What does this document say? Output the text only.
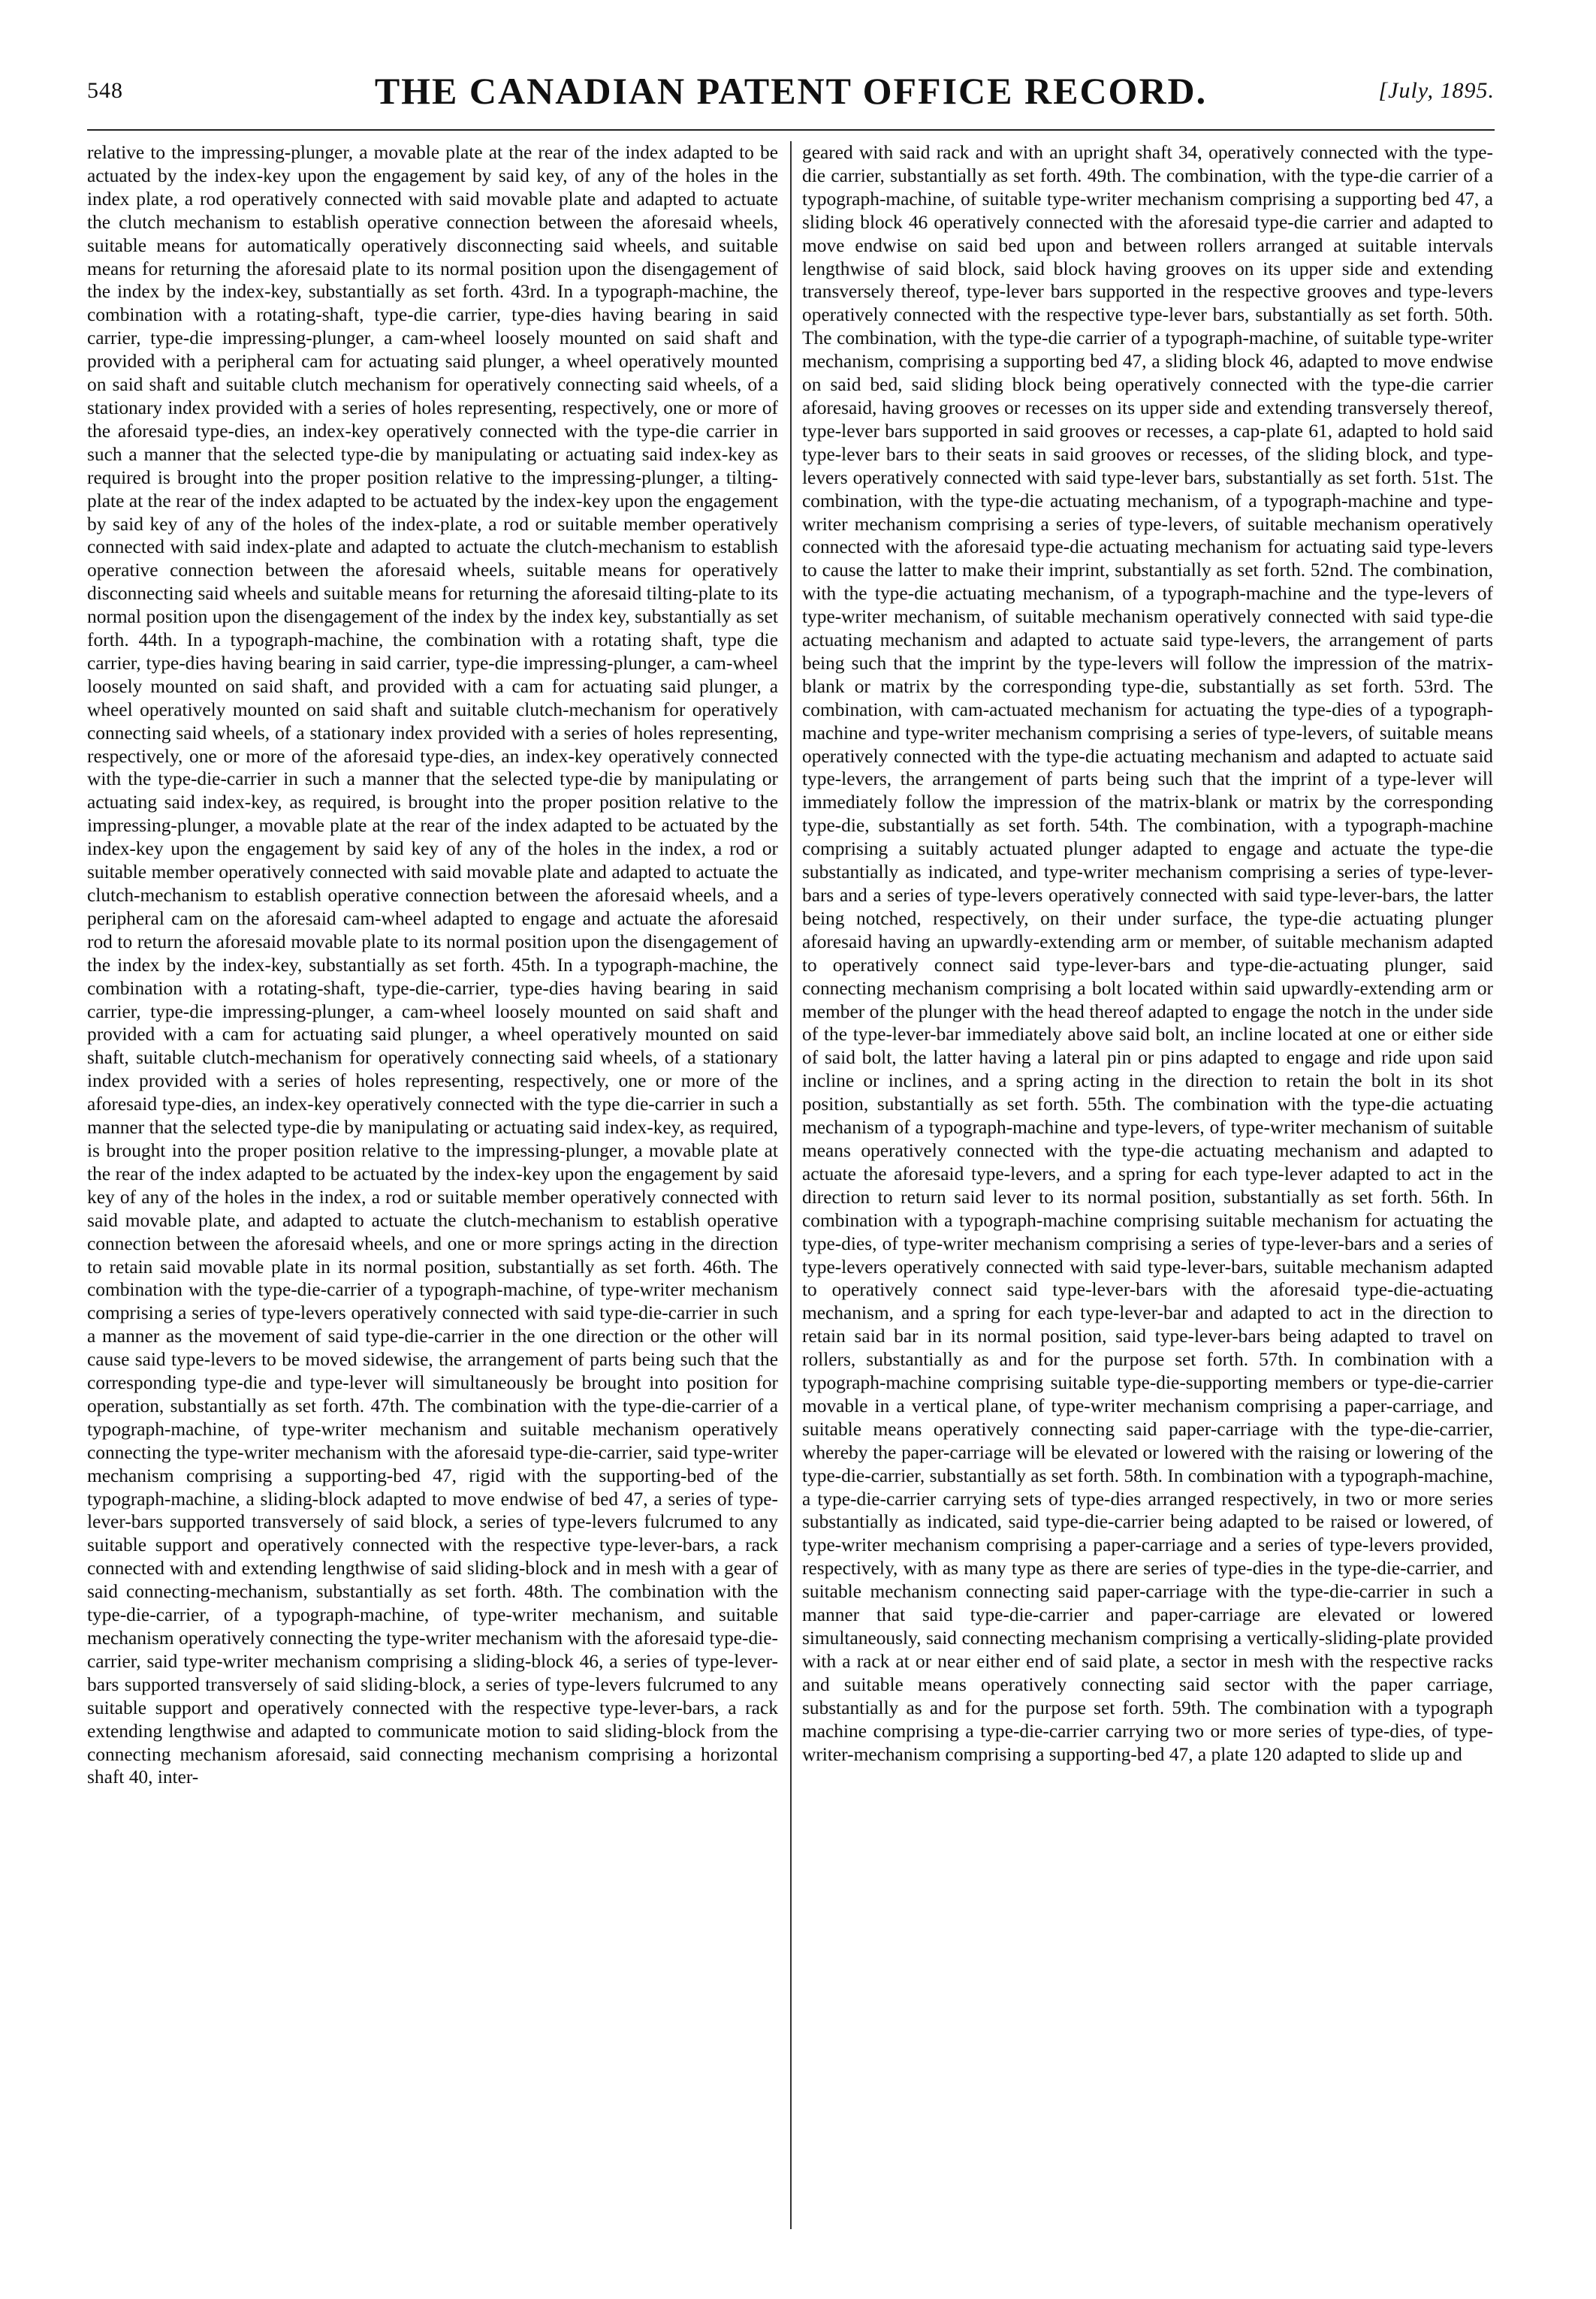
548	THE CANADIAN PATENT OFFICE RECORD.	[July, 1895.

relative to the impressing-plunger, a movable plate at the rear of the index adapted to be actuated by the index-key upon the engagement by said key, of any of the holes in the index plate, a rod operatively connected with said movable plate and adapted to actuate the clutch mechanism to establish operative connection between the aforesaid wheels, suitable means for automatically operatively disconnecting said wheels, and suitable means for returning the aforesaid plate to its normal position upon the disengagement of the index by the index-key, substantially as set forth. 43rd. In a typograph-machine, the combination with a rotating-shaft, type-die carrier, type-dies having bearing in said carrier, type-die impressing-plunger, a cam-wheel loosely mounted on said shaft and provided with a peripheral cam for actuating said plunger, a wheel operatively mounted on said shaft and suitable clutch mechanism for operatively connecting said wheels, of a stationary index provided with a series of holes representing, respectively, one or more of the aforesaid type-dies, an index-key operatively connected with the type-die carrier in such a manner that the selected type-die by manipulating or actuating said index-key as required is brought into the proper position relative to the impressing-plunger, a tilting-plate at the rear of the index adapted to be actuated by the index-key upon the engagement by said key of any of the holes of the index-plate, a rod or suitable member operatively connected with said index-plate and adapted to actuate the clutch-mechanism to establish operative connection between the aforesaid wheels, suitable means for operatively disconnecting said wheels and suitable means for returning the aforesaid tilting-plate to its normal position upon the disengagement of the index by the index key, substantially as set forth. 44th. In a typograph-machine, the combination with a rotating shaft, type die carrier, type-dies having bearing in said carrier, type-die impressing-plunger, a cam-wheel loosely mounted on said shaft, and provided with a cam for actuating said plunger, a wheel operatively mounted on said shaft and suitable clutch-mechanism for operatively connecting said wheels, of a stationary index provided with a series of holes representing, respectively, one or more of the aforesaid type-dies, an index-key operatively connected with the type-die-carrier in such a manner that the selected type-die by manipulating or actuating said index-key, as required, is brought into the proper position relative to the impressing-plunger, a movable plate at the rear of the index adapted to be actuated by the index-key upon the engagement by said key of any of the holes in the index, a rod or suitable member operatively connected with said movable plate and adapted to actuate the clutch-mechanism to establish operative connection between the aforesaid wheels, and a peripheral cam on the aforesaid cam-wheel adapted to engage and actuate the aforesaid rod to return the aforesaid movable plate to its normal position upon the disengagement of the index by the index-key, substantially as set forth. 45th. In a typograph-machine, the combination with a rotating-shaft, type-die-carrier, type-dies having bearing in said carrier, type-die impressing-plunger, a cam-wheel loosely mounted on said shaft and provided with a cam for actuating said plunger, a wheel operatively mounted on said shaft, suitable clutch-mechanism for operatively connecting said wheels, of a stationary index provided with a series of holes representing, respectively, one or more of the aforesaid type-dies, an index-key operatively connected with the type die-carrier in such a manner that the selected type-die by manipulating or actuating said index-key, as required, is brought into the proper position relative to the impressing-plunger, a movable plate at the rear of the index adapted to be actuated by the index-key upon the engagement by said key of any of the holes in the index, a rod or suitable member operatively connected with said movable plate, and adapted to actuate the clutch-mechanism to establish operative connection between the aforesaid wheels, and one or more springs acting in the direction to retain said movable plate in its normal position, substantially as set forth. 46th. The combination with the type-die-carrier of a typograph-machine, of type-writer mechanism comprising a series of type-levers operatively connected with said type-die-carrier in such a manner as the movement of said type-die-carrier in the one direction or the other will cause said type-levers to be moved sidewise, the arrangement of parts being such that the corresponding type-die and type-lever will simultaneously be brought into position for operation, substantially as set forth. 47th. The combination with the type-die-carrier of a typograph-machine, of type-writer mechanism and suitable mechanism operatively connecting the type-writer mechanism with the aforesaid type-die-carrier, said type-writer mechanism comprising a supporting-bed 47, rigid with the supporting-bed of the typograph-machine, a sliding-block adapted to move endwise of bed 47, a series of type-lever-bars supported transversely of said block, a series of type-levers fulcrumed to any suitable support and operatively connected with the respective type-lever-bars, a rack connected with and extending lengthwise of said sliding-block and in mesh with a gear of said connecting-mechanism, substantially as set forth. 48th. The combination with the type-die-carrier, of a typograph-machine, of type-writer mechanism, and suitable mechanism operatively connecting the type-writer mechanism with the aforesaid type-die-carrier, said type-writer mechanism comprising a sliding-block 46, a series of type-lever-bars supported transversely of said sliding-block, a series of type-levers fulcrumed to any suitable support and operatively connected with the respective type-lever-bars, a rack extending lengthwise and adapted to communicate motion to said sliding-block from the connecting mechanism aforesaid, said connecting mechanism comprising a horizontal shaft 40, inter-

geared with said rack and with an upright shaft 34, operatively connected with the type-die carrier, substantially as set forth. 49th. The combination, with the type-die carrier of a typograph-machine, of suitable type-writer mechanism comprising a supporting bed 47, a sliding block 46 operatively connected with the aforesaid type-die carrier and adapted to move endwise on said bed upon and between rollers arranged at suitable intervals lengthwise of said block, said block having grooves on its upper side and extending transversely thereof, type-lever bars supported in the respective grooves and type-levers operatively connected with the respective type-lever bars, substantially as set forth. 50th. The combination, with the type-die carrier of a typograph-machine, of suitable type-writer mechanism, comprising a supporting bed 47, a sliding block 46, adapted to move endwise on said bed, said sliding block being operatively connected with the type-die carrier aforesaid, having grooves or recesses on its upper side and extending transversely thereof, type-lever bars supported in said grooves or recesses, a cap-plate 61, adapted to hold said type-lever bars to their seats in said grooves or recesses, of the sliding block, and type-levers operatively connected with said type-lever bars, substantially as set forth. 51st. The combination, with the type-die actuating mechanism, of a typograph-machine and type-writer mechanism comprising a series of type-levers, of suitable mechanism operatively connected with the aforesaid type-die actuating mechanism for actuating said type-levers to cause the latter to make their imprint, substantially as set forth. 52nd. The combination, with the type-die actuating mechanism, of a typograph-machine and the type-levers of type-writer mechanism, of suitable mechanism operatively connected with said type-die actuating mechanism and adapted to actuate said type-levers, the arrangement of parts being such that the imprint by the type-levers will follow the impression of the matrix-blank or matrix by the corresponding type-die, substantially as set forth. 53rd. The combination, with cam-actuated mechanism for actuating the type-dies of a typograph-machine and type-writer mechanism comprising a series of type-levers, of suitable means operatively connected with the type-die actuating mechanism and adapted to actuate said type-levers, the arrangement of parts being such that the imprint of a type-lever will immediately follow the impression of the matrix-blank or matrix by the corresponding type-die, substantially as set forth. 54th. The combination, with a typograph-machine comprising a suitably actuated plunger adapted to engage and actuate the type-die substantially as indicated, and type-writer mechanism comprising a series of type-lever-bars and a series of type-levers operatively connected with said type-lever-bars, the latter being notched, respectively, on their under surface, the type-die actuating plunger aforesaid having an upwardly-extending arm or member, of suitable mechanism adapted to operatively connect said type-lever-bars and type-die-actuating plunger, said connecting mechanism comprising a bolt located within said upwardly-extending arm or member of the plunger with the head thereof adapted to engage the notch in the under side of the type-lever-bar immediately above said bolt, an incline located at one or either side of said bolt, the latter having a lateral pin or pins adapted to engage and ride upon said incline or inclines, and a spring acting in the direction to retain the bolt in its shot position, substantially as set forth. 55th. The combination with the type-die actuating mechanism of a typograph-machine and type-levers, of type-writer mechanism of suitable means operatively connected with the type-die actuating mechanism and adapted to actuate the aforesaid type-levers, and a spring for each type-lever adapted to act in the direction to return said lever to its normal position, substantially as set forth. 56th. In combination with a typograph-machine comprising suitable mechanism for actuating the type-dies, of type-writer mechanism comprising a series of type-lever-bars and a series of type-levers operatively connected with said type-lever-bars, suitable mechanism adapted to operatively connect said type-lever-bars with the aforesaid type-die-actuating mechanism, and a spring for each type-lever-bar and adapted to act in the direction to retain said bar in its normal position, said type-lever-bars being adapted to travel on rollers, substantially as and for the purpose set forth. 57th. In combination with a typograph-machine comprising suitable type-die-supporting members or type-die-carrier movable in a vertical plane, of type-writer mechanism comprising a paper-carriage, and suitable means operatively connecting said paper-carriage with the type-die-carrier, whereby the paper-carriage will be elevated or lowered with the raising or lowering of the type-die-carrier, substantially as set forth. 58th. In combination with a typograph-machine, a type-die-carrier carrying sets of type-dies arranged respectively, in two or more series substantially as indicated, said type-die-carrier being adapted to be raised or lowered, of type-writer mechanism comprising a paper-carriage and a series of type-levers provided, respectively, with as many type as there are series of type-dies in the type-die-carrier, and suitable mechanism connecting said paper-carriage with the type-die-carrier in such a manner that said type-die-carrier and paper-carriage are elevated or lowered simultaneously, said connecting mechanism comprising a vertically-sliding-plate provided with a rack at or near either end of said plate, a sector in mesh with the respective racks and suitable means operatively connecting said sector with the paper carriage, substantially as and for the purpose set forth. 59th. The combination with a typograph machine comprising a type-die-carrier carrying two or more series of type-dies, of type-writer-mechanism comprising a supporting-bed 47, a plate 120 adapted to slide up and
